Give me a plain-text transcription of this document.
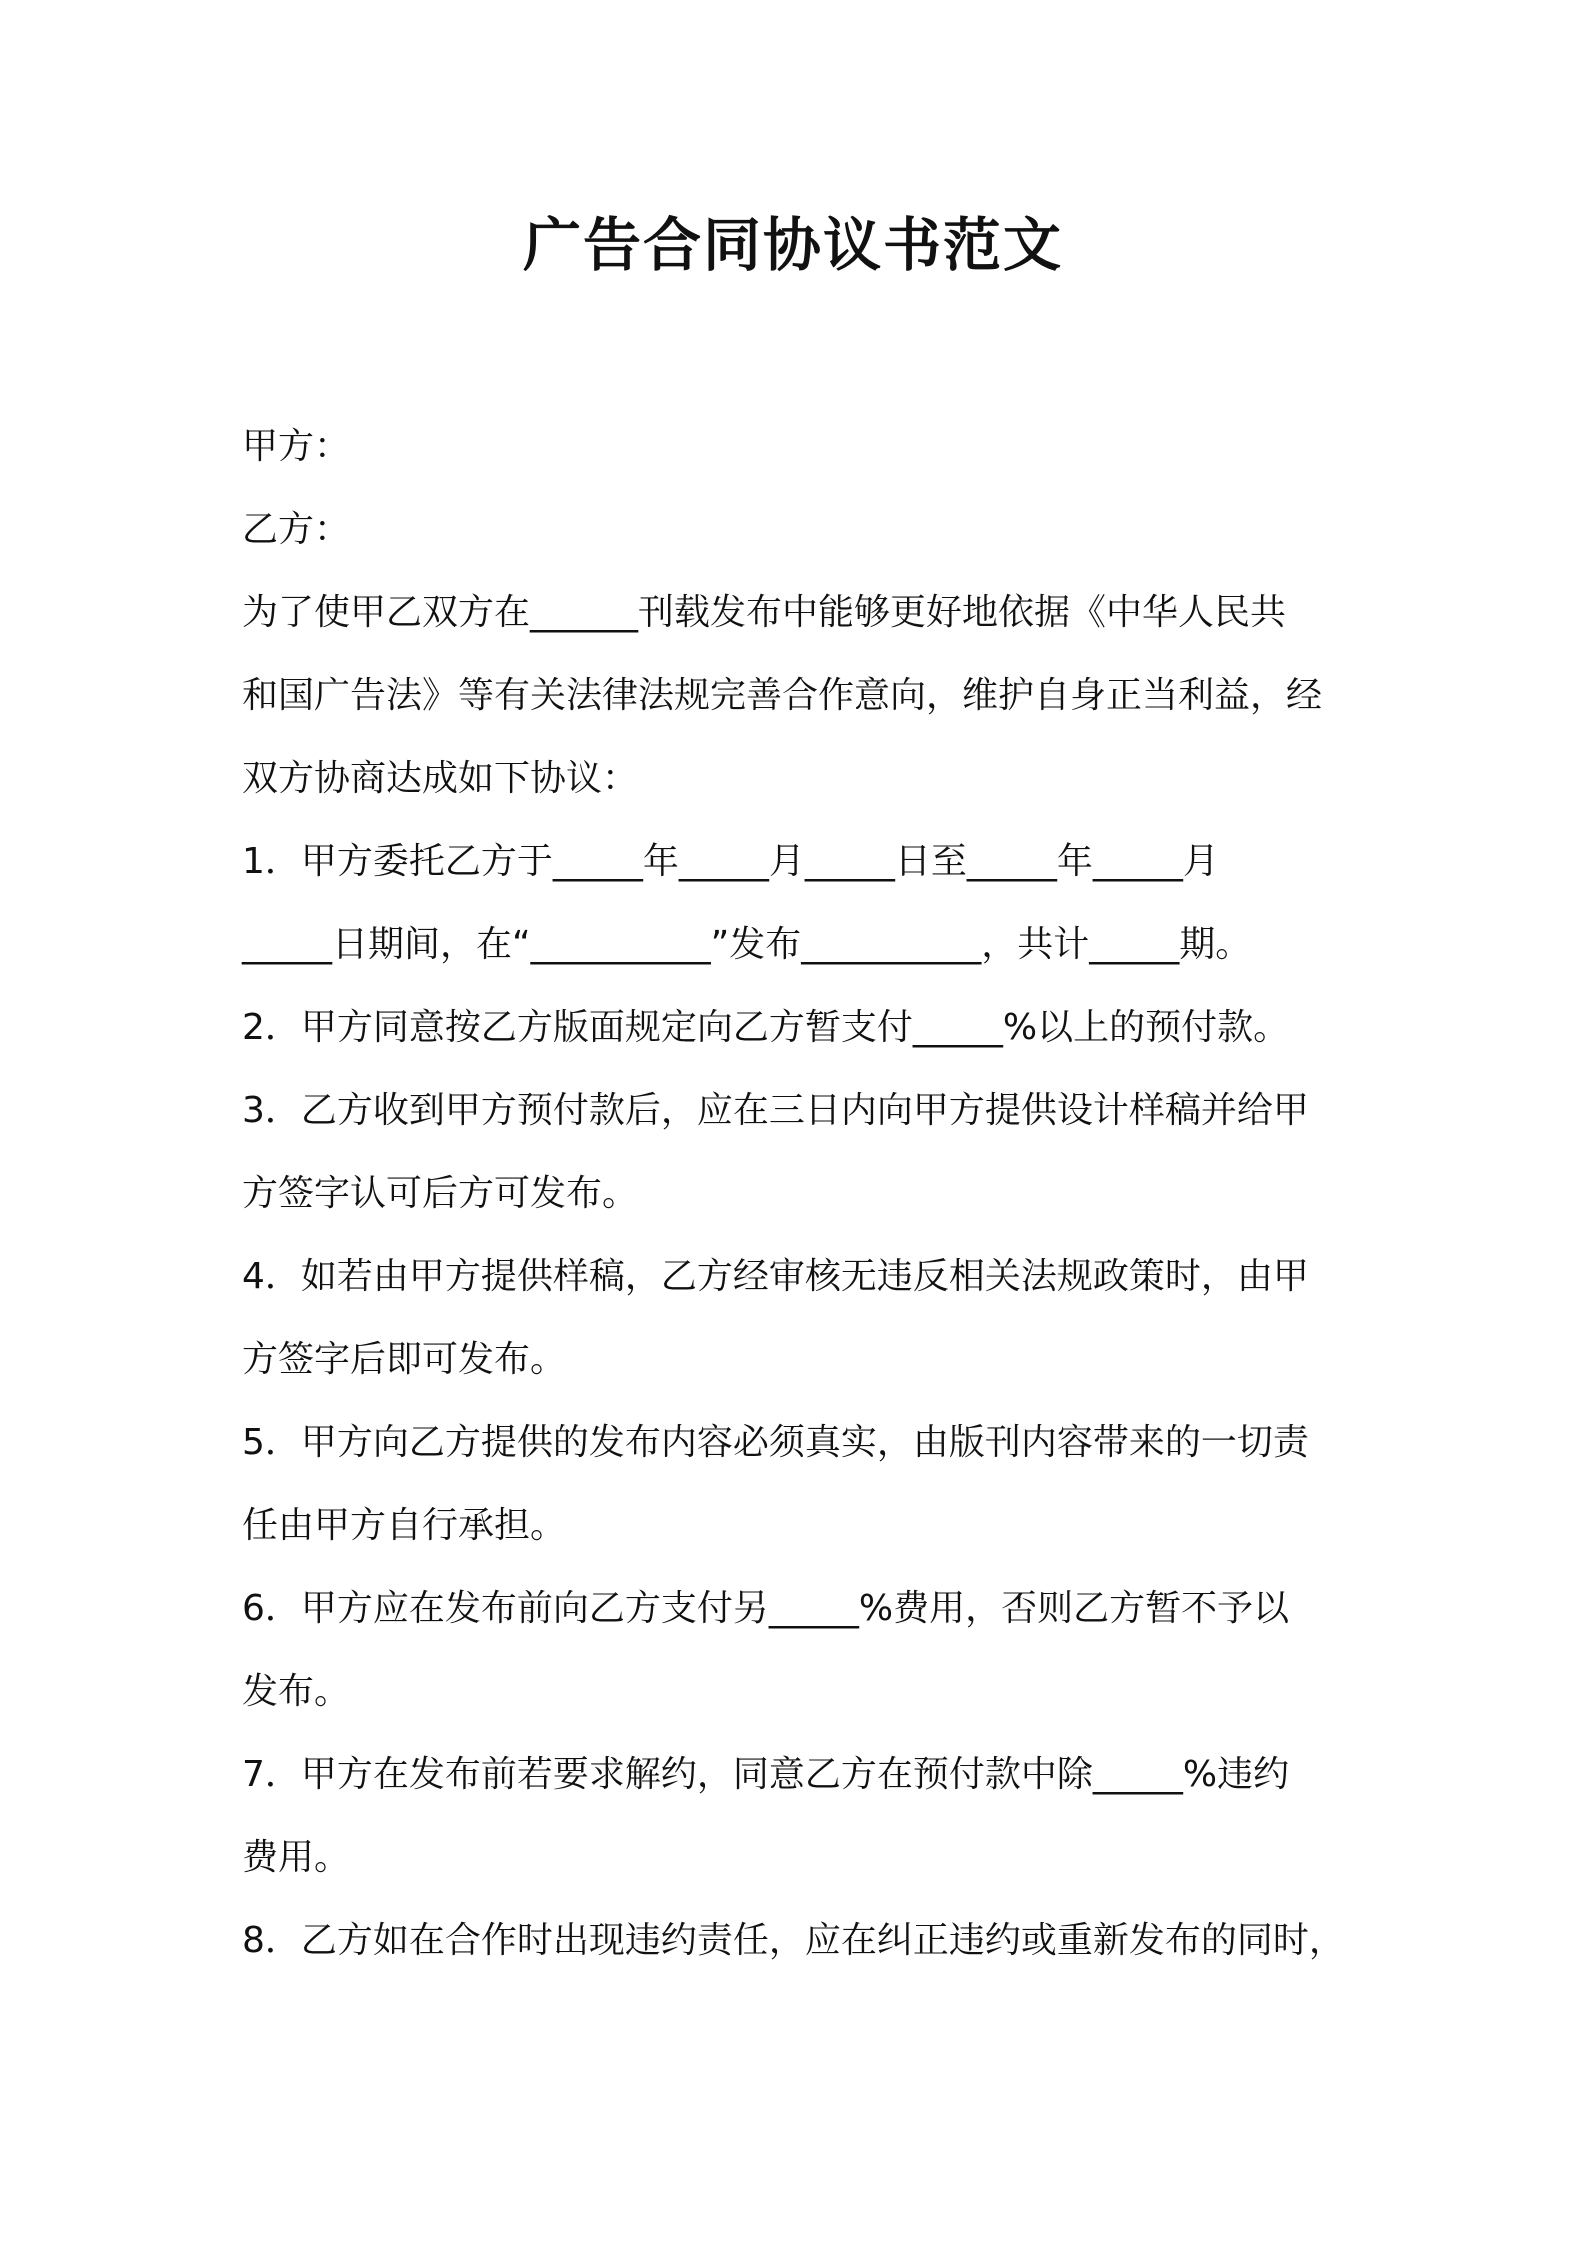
广告合同协议书范文
甲方：
乙方：
为了使甲乙双方在______刊载发布中能够更好地依据《中华人民共
和国广告法》等有关法律法规完善合作意向，维护自身正当利益，经
双方协商达成如下协议：
1．甲方委托乙方于_____年_____月_____日至_____年_____月
_____日期间，在“__________”发布__________，共计_____期。
2．甲方同意按乙方版面规定向乙方暂支付_____%以上的预付款。
3．乙方收到甲方预付款后，应在三日内向甲方提供设计样稿并给甲
方签字认可后方可发布。
4．如若由甲方提供样稿，乙方经审核无违反相关法规政策时，由甲
方签字后即可发布。
5．甲方向乙方提供的发布内容必须真实，由版刊内容带来的一切责
任由甲方自行承担。
6．甲方应在发布前向乙方支付另_____%费用，否则乙方暂不予以
发布。
7．甲方在发布前若要求解约，同意乙方在预付款中除_____%违约
费用。
8．乙方如在合作时出现违约责任，应在纠正违约或重新发布的同时，
